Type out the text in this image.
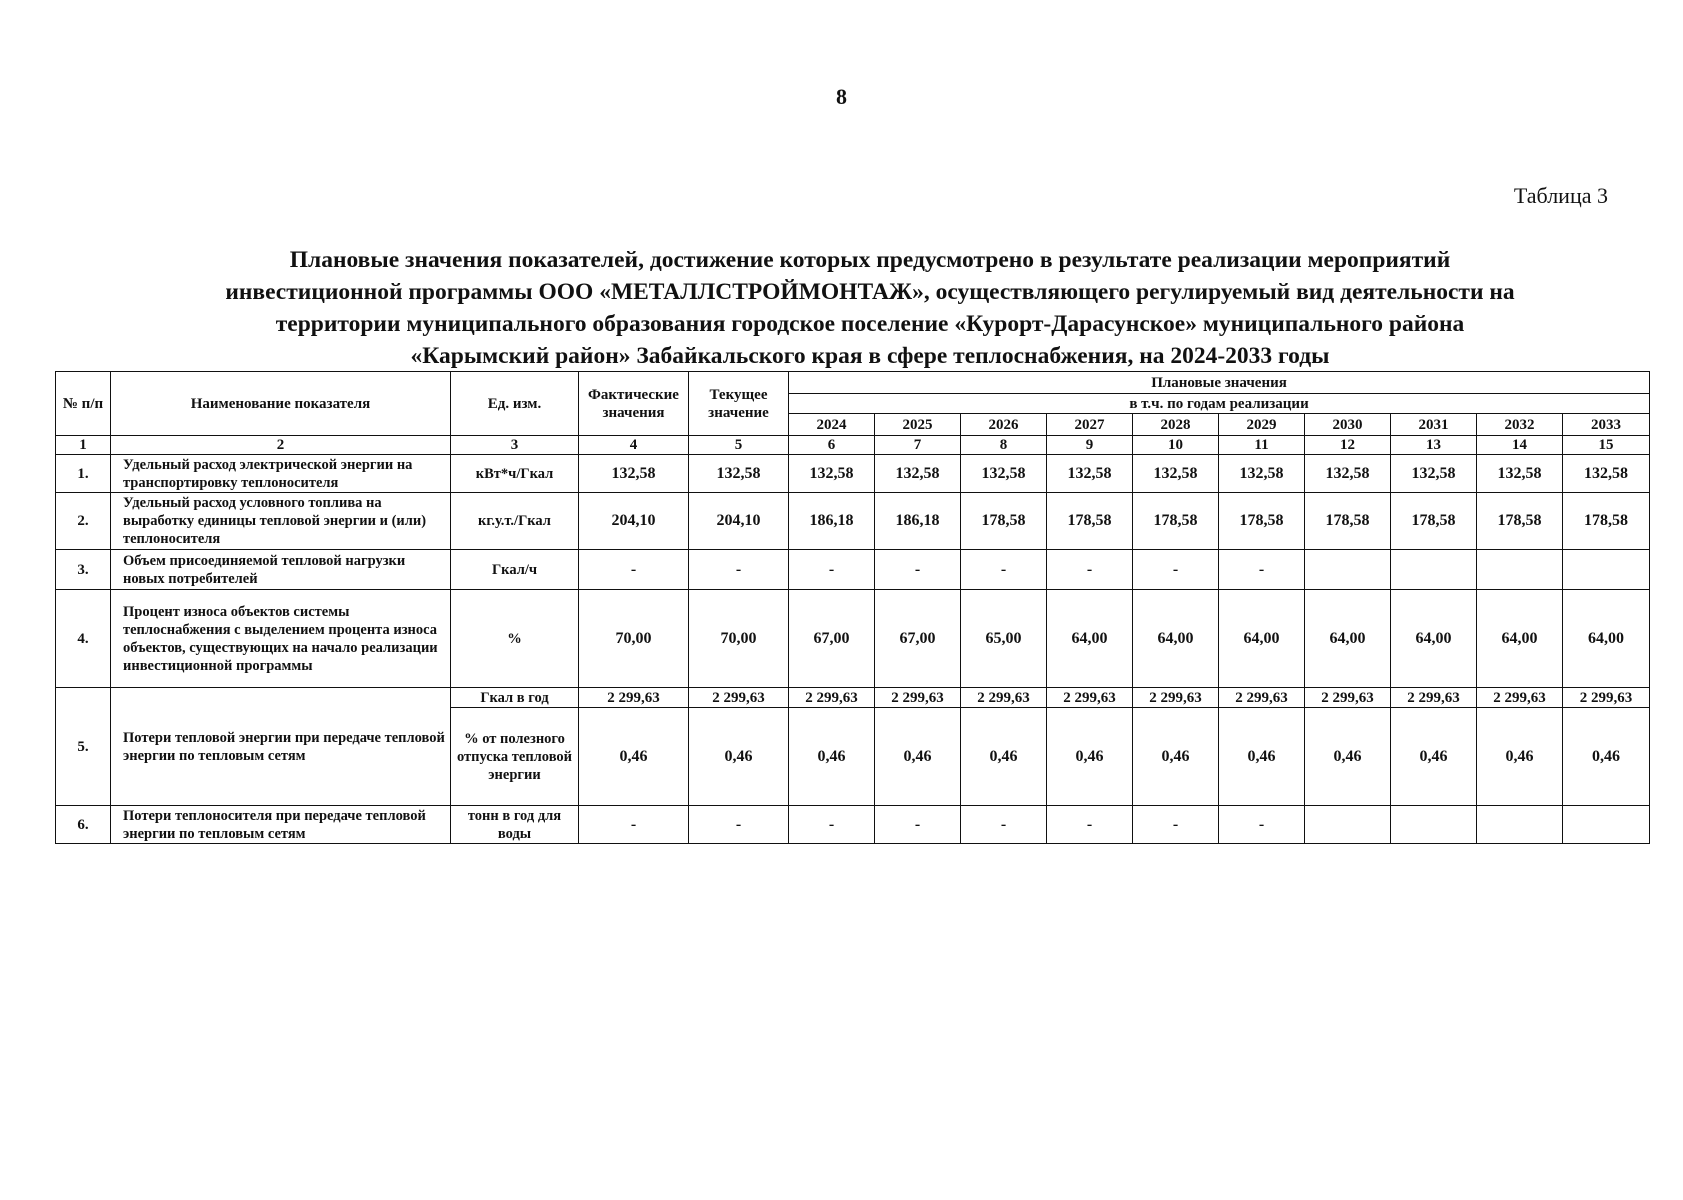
8
Таблица 3
Плановые значения показателей, достижение которых предусмотрено в результате реализации мероприятий
инвестиционной программы ООО «МЕТАЛЛСТРОЙМОНТАЖ», осуществляющего регулируемый вид деятельности на
территории муниципального образования городское поселение «Курорт-Дарасунское» муниципального района
«Карымский район» Забайкальского края в сфере теплоснабжения, на 2024-2033 годы
№ п/п	Наименование показателя	Ед. изм.	Фактические значения	Текущее значение	Плановые значения									
					в т.ч. по годам реализации									
					2024	2025	2026	2027	2028	2029	2030	2031	2032	2033
1	2	3	4	5	6	7	8	9	10	11	12	13	14	15
1.	Удельный расход электрической энергии на транспортировку теплоносителя	кВт*ч/Гкал	132,58	132,58	132,58	132,58	132,58	132,58	132,58	132,58	132,58	132,58	132,58	132,58
2.	Удельный расход условного топлива на выработку единицы тепловой энергии и (или) теплоносителя	кг.у.т./Гкал	204,10	204,10	186,18	186,18	178,58	178,58	178,58	178,58	178,58	178,58	178,58	178,58
3.	Объем присоединяемой тепловой нагрузки новых потребителей	Гкал/ч	-	-	-	-	-	-	-	-				
4.	Процент износа объектов системы теплоснабжения с выделением процента износа объектов, существующих на начало реализации инвестиционной программы	%	70,00	70,00	67,00	67,00	65,00	64,00	64,00	64,00	64,00	64,00	64,00	64,00
5.	Потери тепловой энергии при передаче тепловой энергии по тепловым сетям	Гкал в год	2 299,63	2 299,63	2 299,63	2 299,63	2 299,63	2 299,63	2 299,63	2 299,63	2 299,63	2 299,63	2 299,63	2 299,63
		% от полезного отпуска тепловой энергии	0,46	0,46	0,46	0,46	0,46	0,46	0,46	0,46	0,46	0,46	0,46	0,46
6.	Потери теплоносителя при передаче тепловой энергии по тепловым сетям	тонн в год для воды	-	-	-	-	-	-	-	-				
